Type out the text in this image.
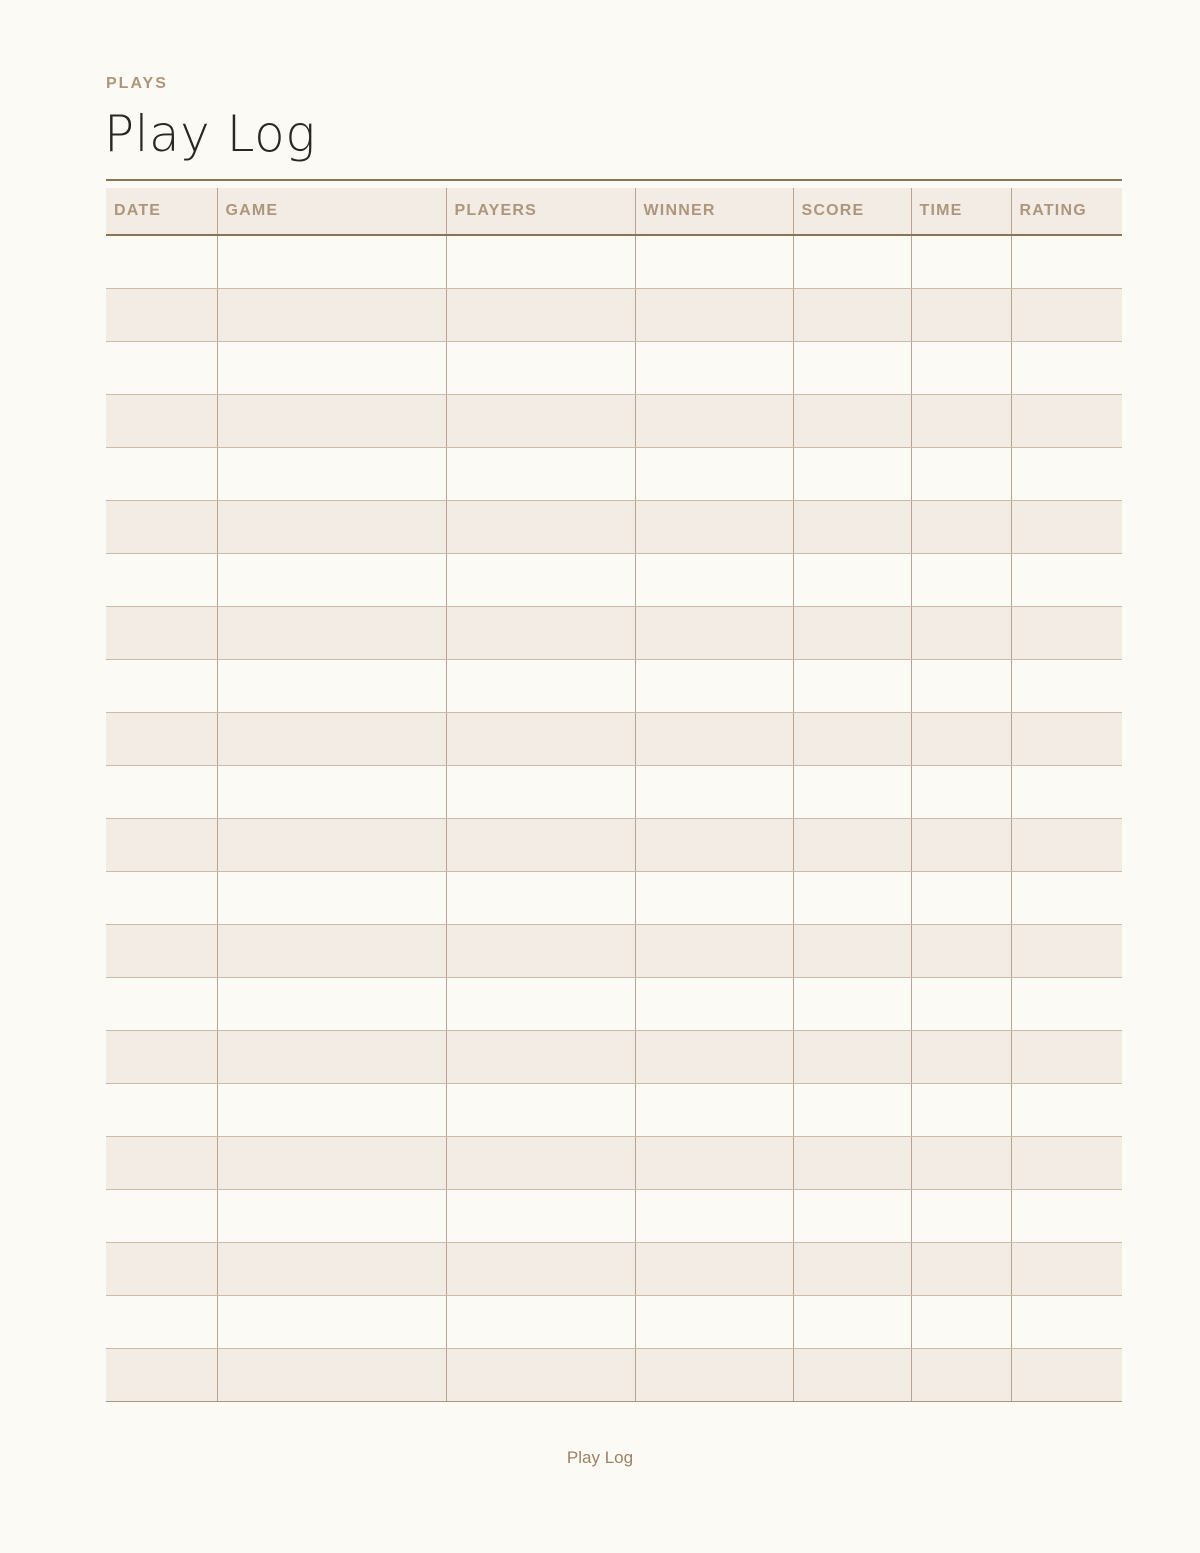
PLAYS
Play Log
DATE	GAME	PLAYERS	WINNER	SCORE	TIME	RATING

Play Log
